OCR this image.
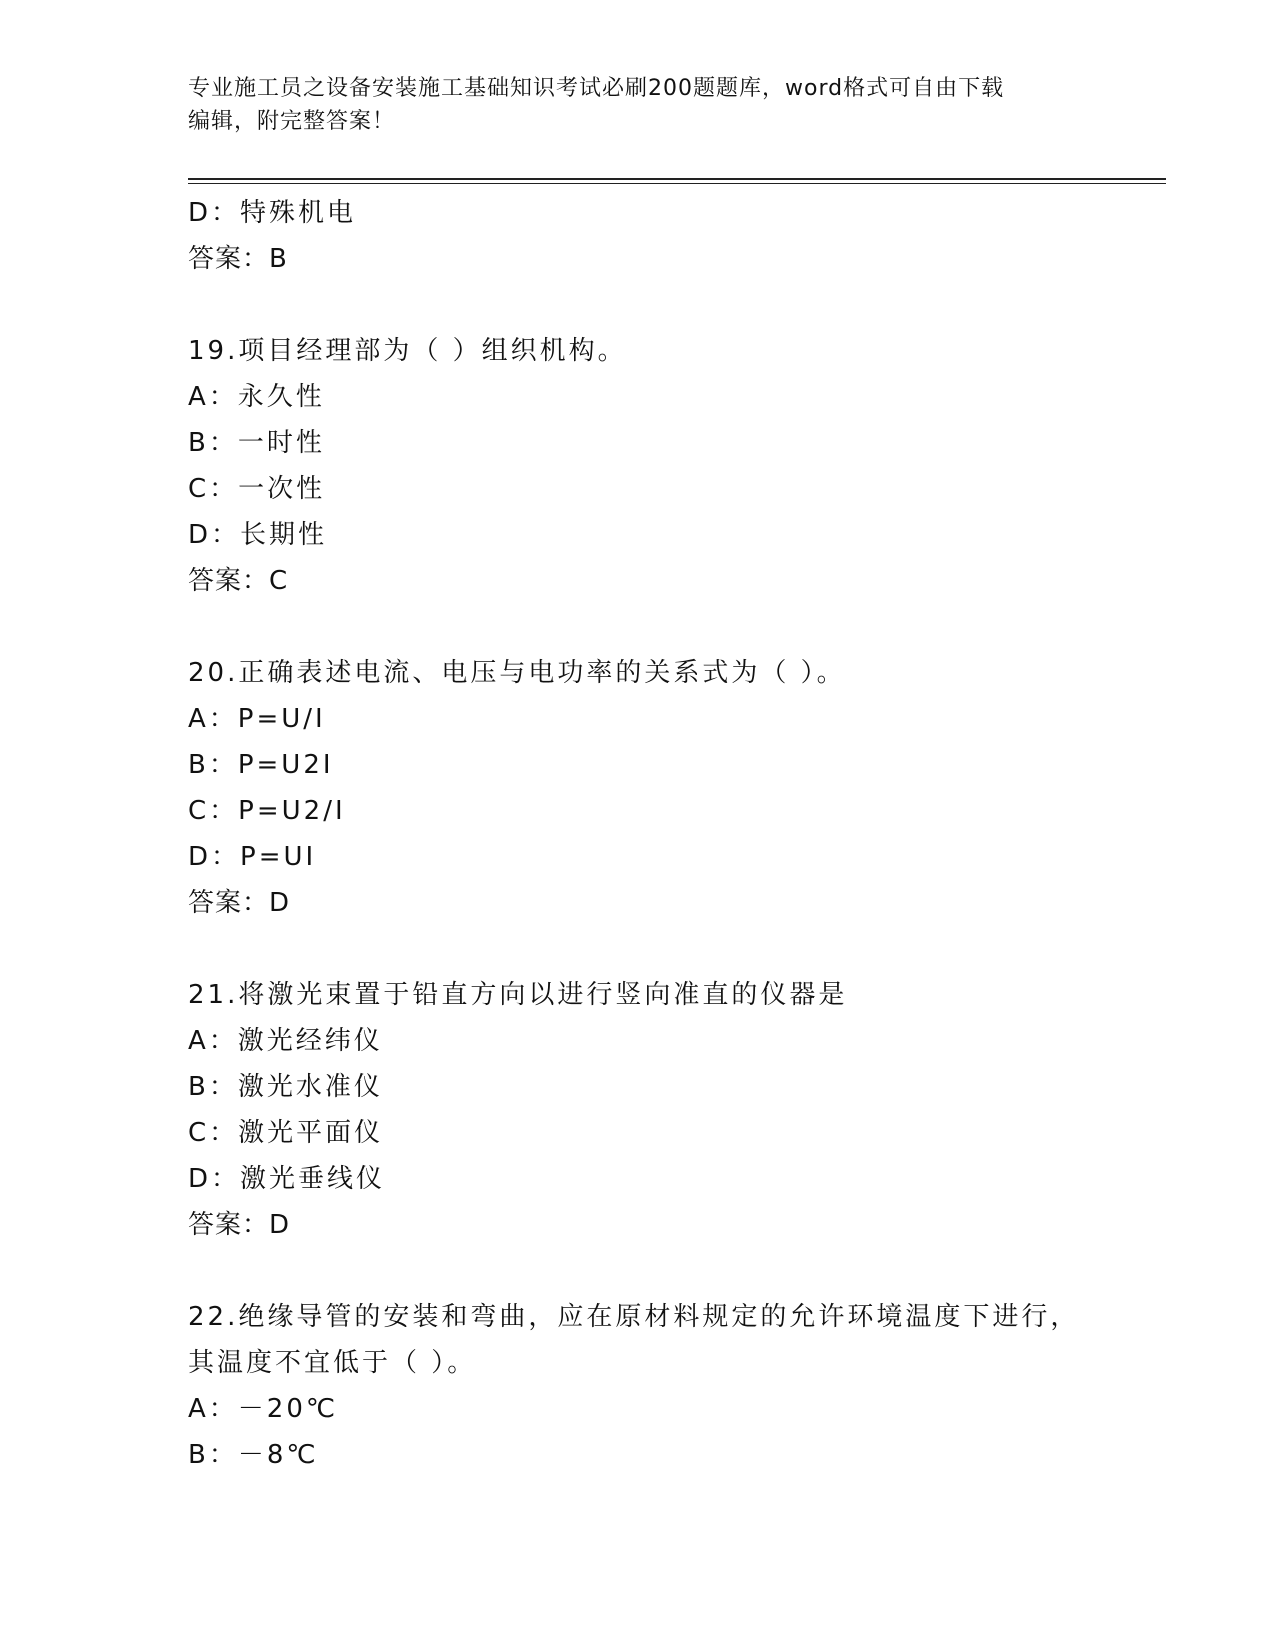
专业施工员之设备安装施工基础知识考试必刷200题题库，word格式可自由下载
编辑，附完整答案！
D：特殊机电
答案：B
19.项目经理部为（ ）组织机构。
A：永久性
B：一时性
C：一次性
D：长期性
答案：C
20.正确表述电流、电压与电功率的关系式为（ ）。
A：P=U/I
B：P=U2I
C：P=U2/I
D：P=UI
答案：D
21.将激光束置于铅直方向以进行竖向准直的仪器是
A：激光经纬仪
B：激光水准仪
C：激光平面仪
D：激光垂线仪
答案：D
22.绝缘导管的安装和弯曲，应在原材料规定的允许环境温度下进行，
其温度不宜低于（ ）。
A：－20℃
B：－8℃
